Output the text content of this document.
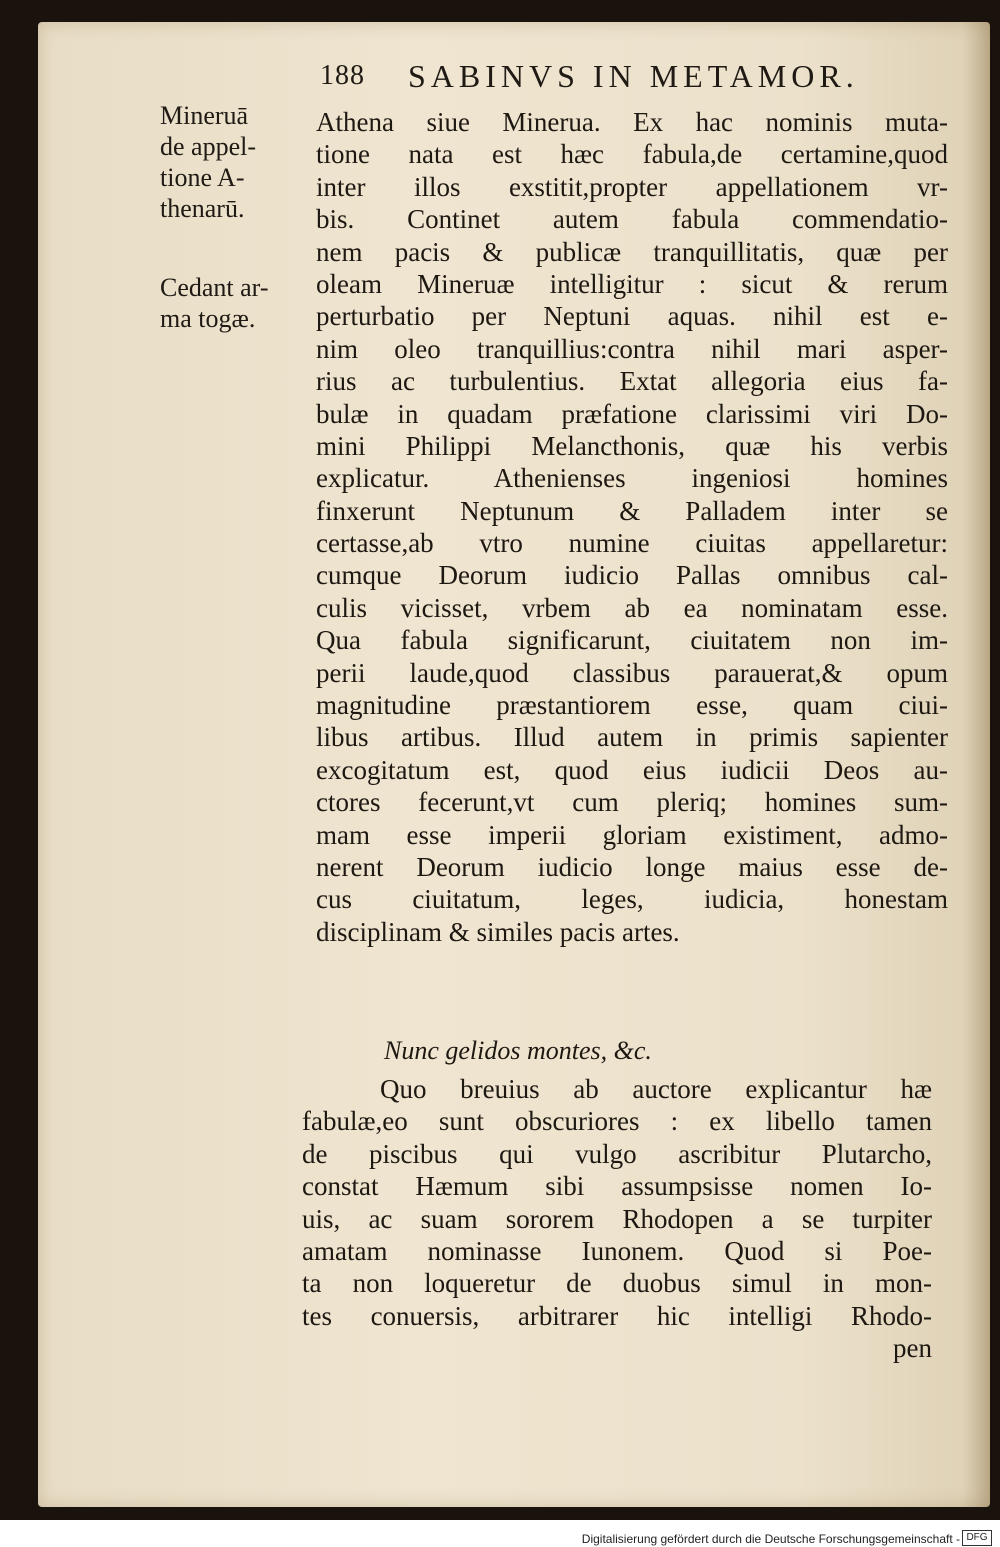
188 SABINVS IN METAMOR.
Mineruā
de appel-
tione A-
thenarū.
Cedant ar-
ma togæ.
Athena siue Minerua. Ex hac nominis muta-
tione nata est hæc fabula,de certamine,quod
inter illos exstitit,propter appellationem vr-
bis. Continet autem fabula commendatio-
nem pacis & publicæ tranquillitatis, quæ per
oleam Mineruæ intelligitur : sicut & rerum
perturbatio per Neptuni aquas. nihil est e-
nim oleo tranquillius:contra nihil mari asper-
rius ac turbulentius. Extat allegoria eius fa-
bulæ in quadam præfatione clarissimi viri Do-
mini Philippi Melancthonis, quæ his verbis
explicatur. Athenienses ingeniosi homines
finxerunt Neptunum & Palladem inter se
certasse,ab vtro numine ciuitas appellaretur:
cumque Deorum iudicio Pallas omnibus cal-
culis vicisset, vrbem ab ea nominatam esse.
Qua fabula significarunt, ciuitatem non im-
perii laude,quod classibus parauerat,& opum
magnitudine præstantiorem esse, quam ciui-
libus artibus. Illud autem in primis sapienter
excogitatum est, quod eius iudicii Deos au-
ctores fecerunt,vt cum pleriq; homines sum-
mam esse imperii gloriam existiment, admo-
nerent Deorum iudicio longe maius esse de-
cus ciuitatum, leges, iudicia, honestam
disciplinam & similes pacis artes.
Nunc gelidos montes, &c.
Quo breuius ab auctore explicantur hæ
fabulæ,eo sunt obscuriores : ex libello tamen
de piscibus qui vulgo ascribitur Plutarcho,
constat Hæmum sibi assumpsisse nomen Io-
uis, ac suam sororem Rhodopen a se turpiter
amatam nominasse Iunonem. Quod si Poe-
ta non loqueretur de duobus simul in mon-
tes conuersis, arbitrarer hic intelligi Rhodo-
pen
Digitalisierung gefördert durch die Deutsche Forschungsgemeinschaft - DFG
